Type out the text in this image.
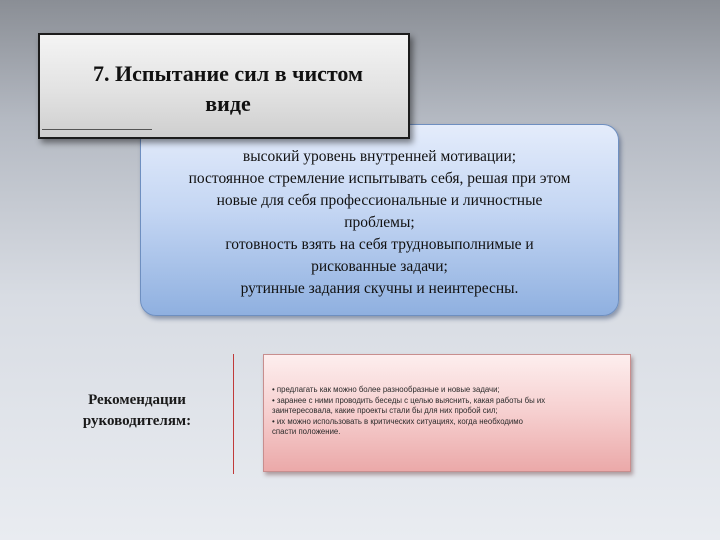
7. Испытание сил в чистом
виде
высокий уровень внутренней мотивации;
постоянное стремление испытывать себя, решая при этом
новые для себя профессиональные и личностные
проблемы;
готовность взять на себя трудновыполнимые и
рискованные задачи;
рутинные задания скучны и неинтересны.
Рекомендации
руководителям:
• предлагать как можно более разнообразные и новые задачи;
• заранее с ними проводить беседы с целью выяснить, какая работы бы их
заинтересовала, какие проекты стали бы для них пробой сил;
• их можно использовать в критических ситуациях, когда необходимо
спасти положение.
